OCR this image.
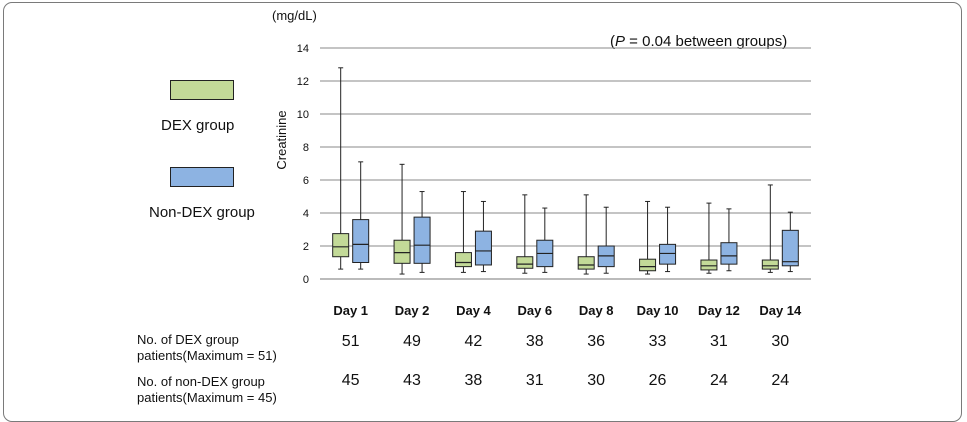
DEX group
Non-DEX group
(mg/dL)
(P = 0.04 between groups)
0
2
4
6
8
10
12
14
Creatinine
Day 1 Day 2 Day 4 Day 6 Day 8 Day 10 Day 12 Day 14
No. of DEX group patients(Maximum = 51)
No. of non-DEX group patients(Maximum = 45)
51	49	42	38	36	33	31	30
45	43	38	31	30	26	24	24
